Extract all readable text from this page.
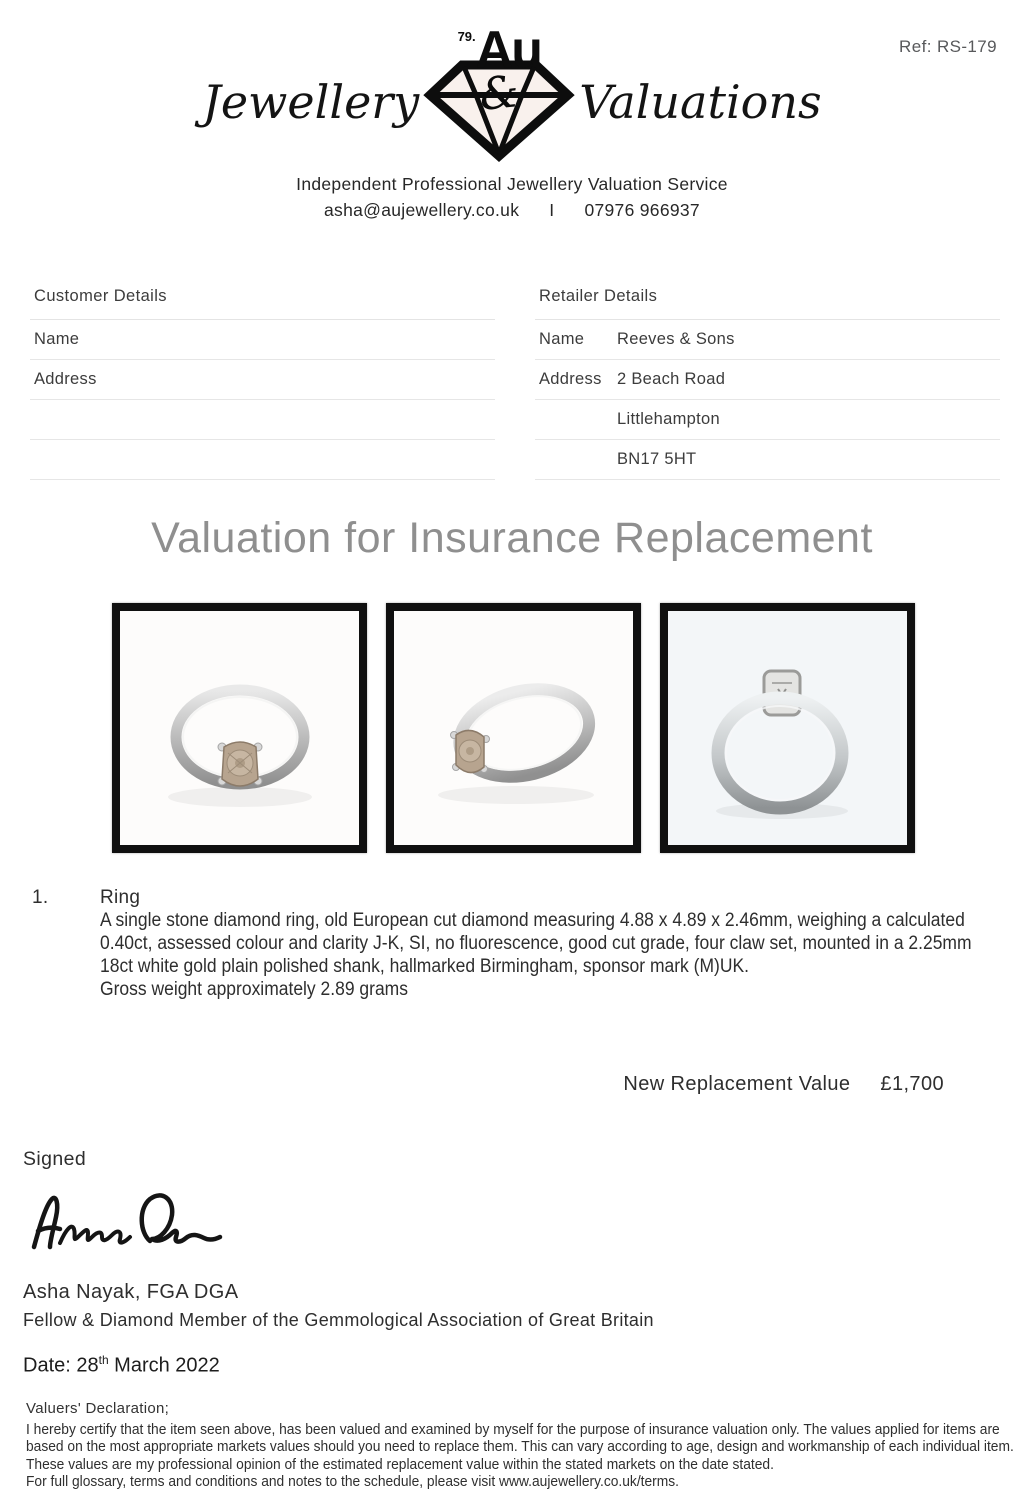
Ref: RS-179
Jewellery
$^{79.}$Au
& Valuations
Independent Professional Jewellery Valuation Service
asha@aujewellery.co.uk I 07976 966937
Customer Details
Name
Address
Retailer Details
Name	Reeves & Sons
Address 2 Beach Road
Littlehampton
BN17 5HT
Valuation for Insurance Replacement
1.	Ring
A single stone diamond ring, old European cut diamond measuring 4.88 x 4.89 x 2.46mm, weighing a calculated 0.40ct, assessed colour and clarity J-K, SI, no fluorescence, good cut grade, four claw set, mounted in a 2.25mm 18ct white gold plain polished shank, hallmarked Birmingham, sponsor mark (M)UK.
Gross weight approximately 2.89 grams
New Replacement Value £1,700
Signed
Asha Nayak, FGA DGA
Fellow & Diamond Member of the Gemmological Association of Great Britain
Date: 28th March 2022
Valuers' Declaration;
I hereby certify that the item seen above, has been valued and examined by myself for the purpose of insurance valuation only. The values applied for items are based on the most appropriate markets values should you need to replace them. This can vary according to age, design and workmanship of each individual item. These values are my professional opinion of the estimated replacement value within the stated markets on the date stated.
For full glossary, terms and conditions and notes to the schedule, please visit www.aujewellery.co.uk/terms.
